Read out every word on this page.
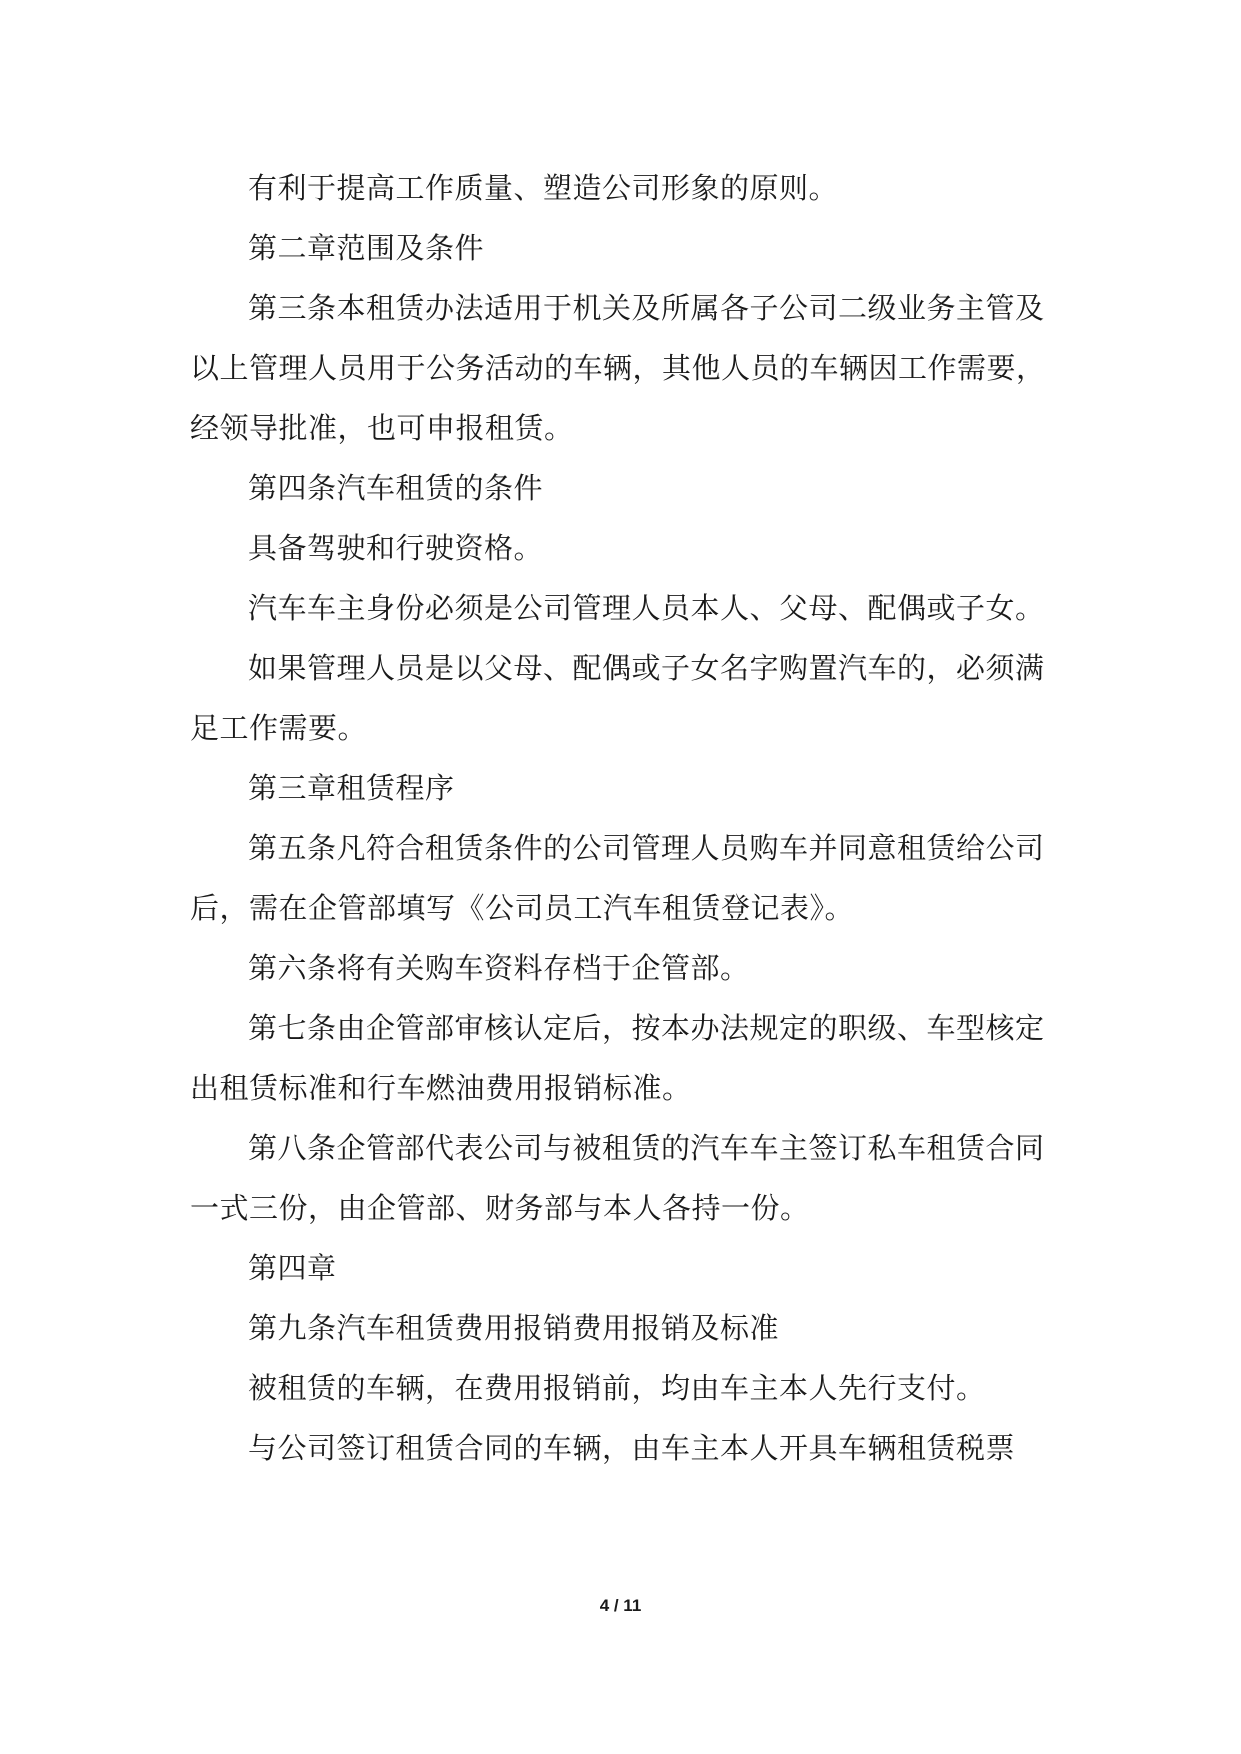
有利于提高工作质量、塑造公司形象的原则。

第二章范围及条件

第三条本租赁办法适用于机关及所属各子公司二级业务主管及以上管理人员用于公务活动的车辆，其他人员的车辆因工作需要，经领导批准，也可申报租赁。

第四条汽车租赁的条件

具备驾驶和行驶资格。

汽车车主身份必须是公司管理人员本人、父母、配偶或子女。

如果管理人员是以父母、配偶或子女名字购置汽车的，必须满足工作需要。

第三章租赁程序

第五条凡符合租赁条件的公司管理人员购车并同意租赁给公司后，需在企管部填写《公司员工汽车租赁登记表》。

第六条将有关购车资料存档于企管部。

第七条由企管部审核认定后，按本办法规定的职级、车型核定出租赁标准和行车燃油费用报销标准。

第八条企管部代表公司与被租赁的汽车车主签订私车租赁合同一式三份，由企管部、财务部与本人各持一份。

第四章

第九条汽车租赁费用报销费用报销及标准

被租赁的车辆，在费用报销前，均由车主本人先行支付。

与公司签订租赁合同的车辆，由车主本人开具车辆租赁税票

4 / 11
